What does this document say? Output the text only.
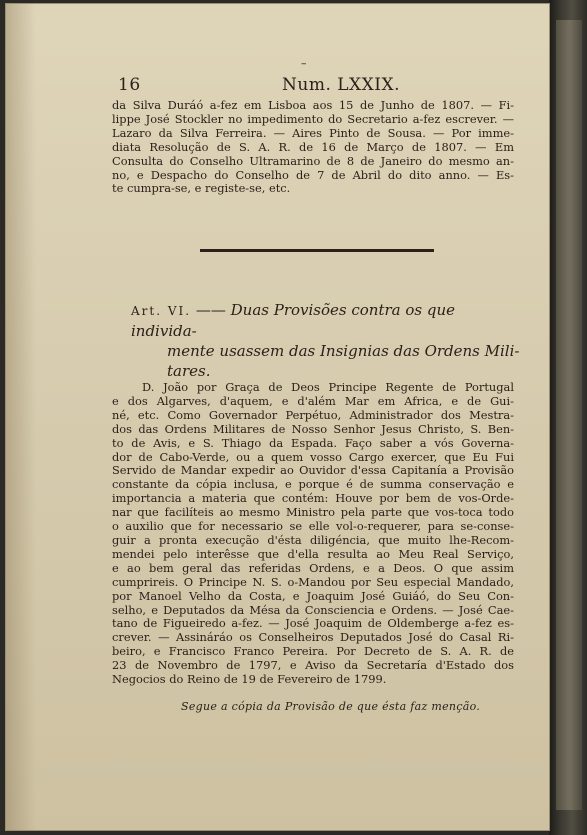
–
16	Num. LXXIX.
da Silva Duráó a-fez em Lisboa aos 15 de Junho de 1807. — Fi-
lippe José Stockler no impedimento do Secretario a-fez escrever. —
Lazaro da Silva Ferreira. — Aires Pinto de Sousa. — Por imme-
diata Resolução de S. A. R. de 16 de Março de 1807. — Em
Consulta do Conselho Ultramarino de 8 de Janeiro do mesmo an-
no, e Despacho do Conselho de 7 de Abril do dito anno. — Es-
te cumpra-se, e registe-se, etc.
Art. VI. —— Duas Provisões contra os que individa-
mente usassem das Insignias das Ordens Mili-
tares.
D. João por Graça de Deos Principe Regente de Portugal
e dos Algarves, d'aquem, e d'além Mar em Africa, e de Gui-
né, etc. Como Governador Perpétuo, Administrador dos Mestra-
dos das Ordens Militares de Nosso Senhor Jesus Christo, S. Ben-
to de Avis, e S. Thiago da Espada. Faço saber a vós Governa-
dor de Cabo-Verde, ou a quem vosso Cargo exercer, que Eu Fui
Servido de Mandar expedir ao Ouvidor d'essa Capitanía a Provisão
constante da cópia inclusa, e porque é de summa conservação e
importancia a materia que contém: Houve por bem de vos-Orde-
nar que facilíteis ao mesmo Ministro pela parte que vos-toca todo
o auxilio que for necessario se elle vol-o-requerer, para se-conse-
guir a pronta execução d'ésta diligéncia, que muito lhe-Recom-
mendei pelo interêsse que d'ella resulta ao Meu Real Serviço,
e ao bem geral das referidas Ordens, e a Deos. O que assim
cumprireis. O Principe N. S. o-Mandou por Seu especial Mandado,
por Manoel Velho da Costa, e Joaquim José Guiáó, do Seu Con-
selho, e Deputados da Mésa da Consciencia e Ordens. — José Cae-
tano de Figueiredo a-fez. — José Joaquim de Oldemberge a-fez es-
crever. — Assináráo os Conselheiros Deputados José do Casal Ri-
beiro, e Francisco Franco Pereira. Por Decreto de S. A. R. de
23 de Novembro de 1797, e Aviso da Secretaría d'Estado dos
Negocios do Reino de 19 de Fevereiro de 1799.
Segue a cópia da Provisão de que ésta faz menção.
